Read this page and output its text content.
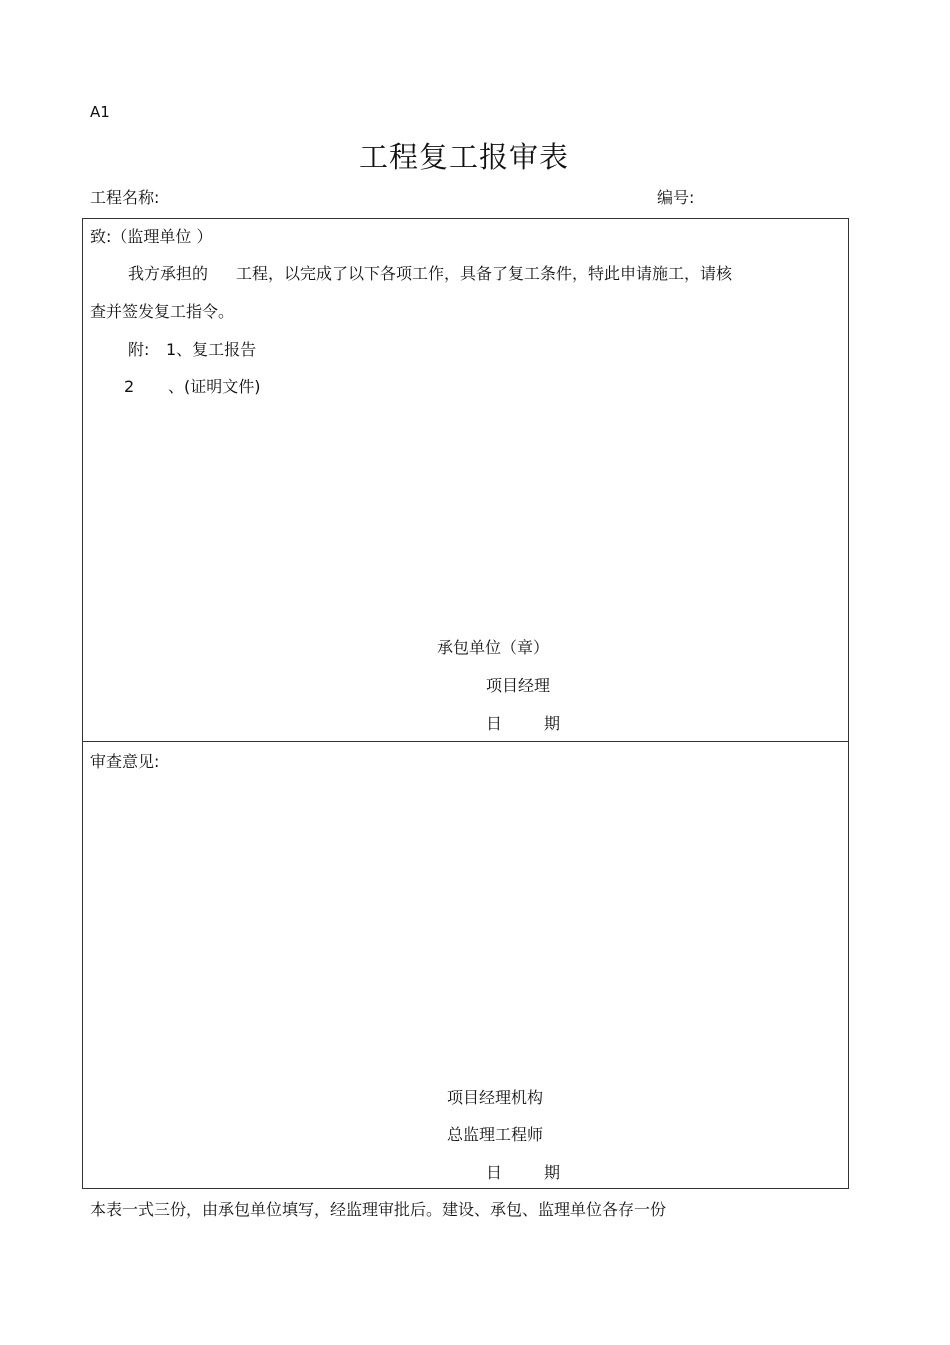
A1
工程复工报审表
工程名称:	编号:
致:（监理单位 ）
我方承担的 工程，以完成了以下各项工作，具备了复工条件，特此申请施工，请核
查并签发复工指令。
附: 1、复工报告
2 、(证明文件)
承包单位（章）
项目经理
日	期
审查意见:
项目经理机构
总监理工程师
日	期
本表一式三份，由承包单位填写，经监理审批后。建设、承包、监理单位各存一份
